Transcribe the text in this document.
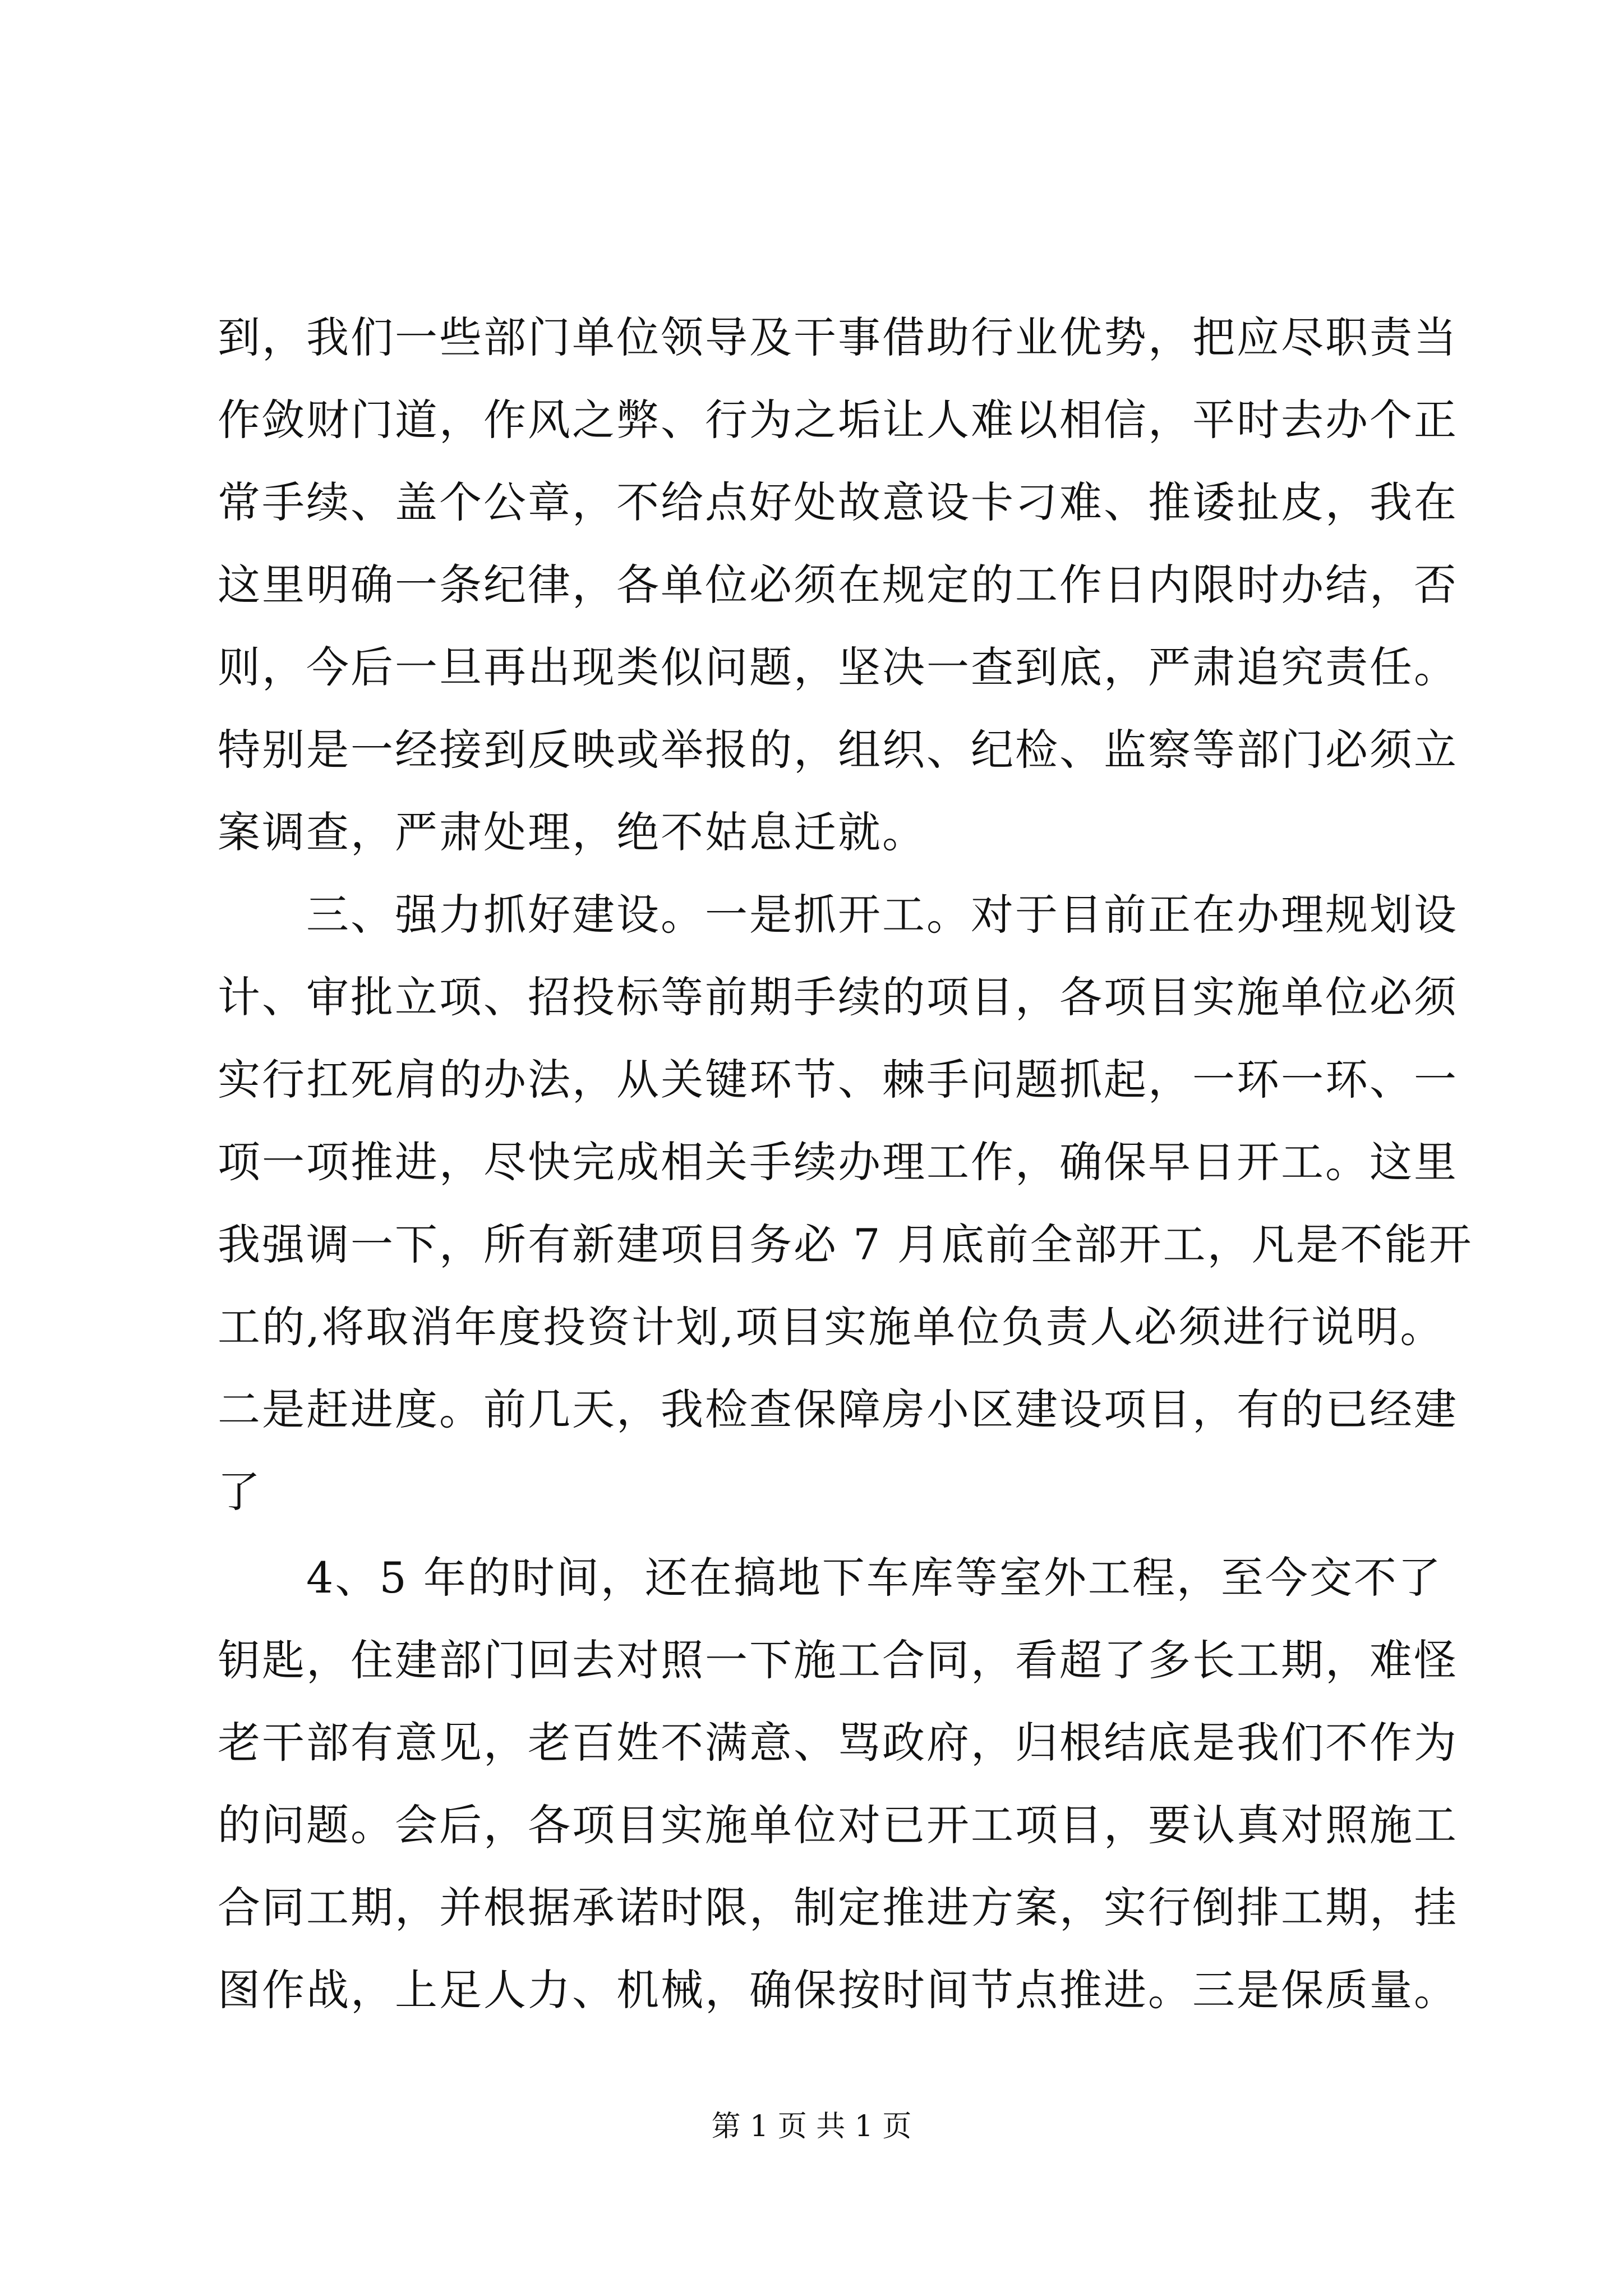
到，我们一些部门单位领导及干事借助行业优势，把应尽职责当
作敛财门道，作风之弊、行为之垢让人难以相信，平时去办个正
常手续、盖个公章，不给点好处故意设卡刁难、推诿扯皮，我在
这里明确一条纪律，各单位必须在规定的工作日内限时办结，否
则，今后一旦再出现类似问题，坚决一查到底，严肃追究责任。
特别是一经接到反映或举报的，组织、纪检、监察等部门必须立
案调查，严肃处理，绝不姑息迁就。
　　三、强力抓好建设。一是抓开工。对于目前正在办理规划设
计、审批立项、招投标等前期手续的项目，各项目实施单位必须
实行扛死肩的办法，从关键环节、棘手问题抓起，一环一环、一
项一项推进，尽快完成相关手续办理工作，确保早日开工。这里
我强调一下，所有新建项目务必 7 月底前全部开工，凡是不能开
工的,将取消年度投资计划,项目实施单位负责人必须进行说明。
二是赶进度。前几天，我检查保障房小区建设项目，有的已经建
了
　　4、5 年的时间，还在搞地下车库等室外工程，至今交不了
钥匙，住建部门回去对照一下施工合同，看超了多长工期，难怪
老干部有意见，老百姓不满意、骂政府，归根结底是我们不作为
的问题。会后，各项目实施单位对已开工项目，要认真对照施工
合同工期，并根据承诺时限，制定推进方案，实行倒排工期，挂
图作战，上足人力、机械，确保按时间节点推进。三是保质量。
第 1 页 共 1 页
